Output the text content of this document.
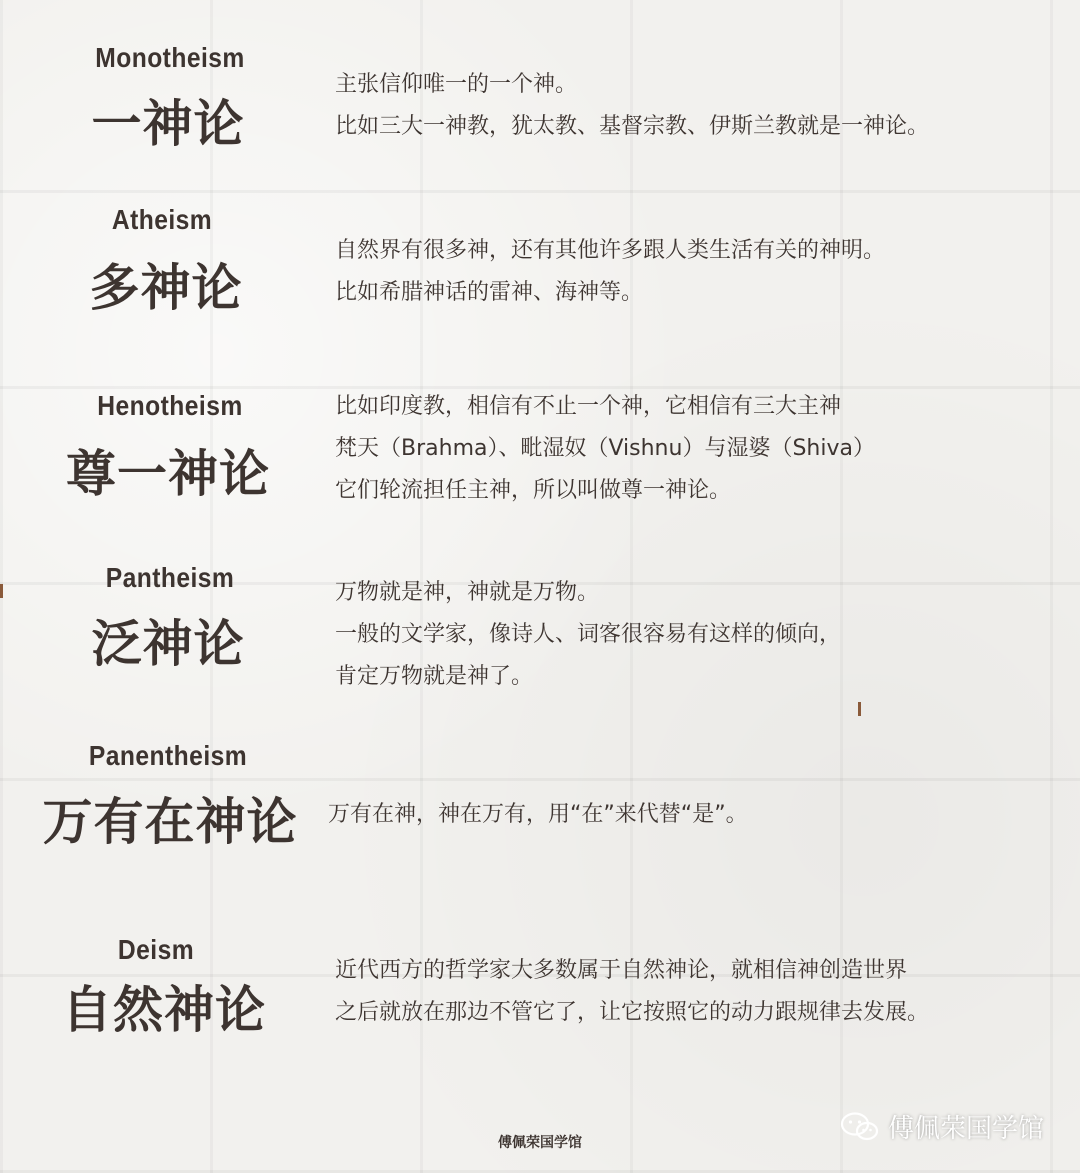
Monotheism
一神论
主张信仰唯一的一个神。
比如三大一神教，犹太教、基督宗教、伊斯兰教就是一神论。
Atheism
多神论
自然界有很多神，还有其他许多跟人类生活有关的神明。
比如希腊神话的雷神、海神等。
Henotheism
尊一神论
比如印度教，相信有不止一个神，它相信有三大主神
梵天（Brahma）、毗湿奴（Vishnu）与湿婆（Shiva）
它们轮流担任主神，所以叫做尊一神论。
Pantheism
泛神论
万物就是神，神就是万物。
一般的文学家，像诗人、词客很容易有这样的倾向，
肯定万物就是神了。
Panentheism
万有在神论	万有在神，神在万有，用“在”来代替“是”。
Deism
自然神论
近代西方的哲学家大多数属于自然神论，就相信神创造世界
之后就放在那边不管它了，让它按照它的动力跟规律去发展。
傅佩荣国学馆	傅佩荣国学馆
